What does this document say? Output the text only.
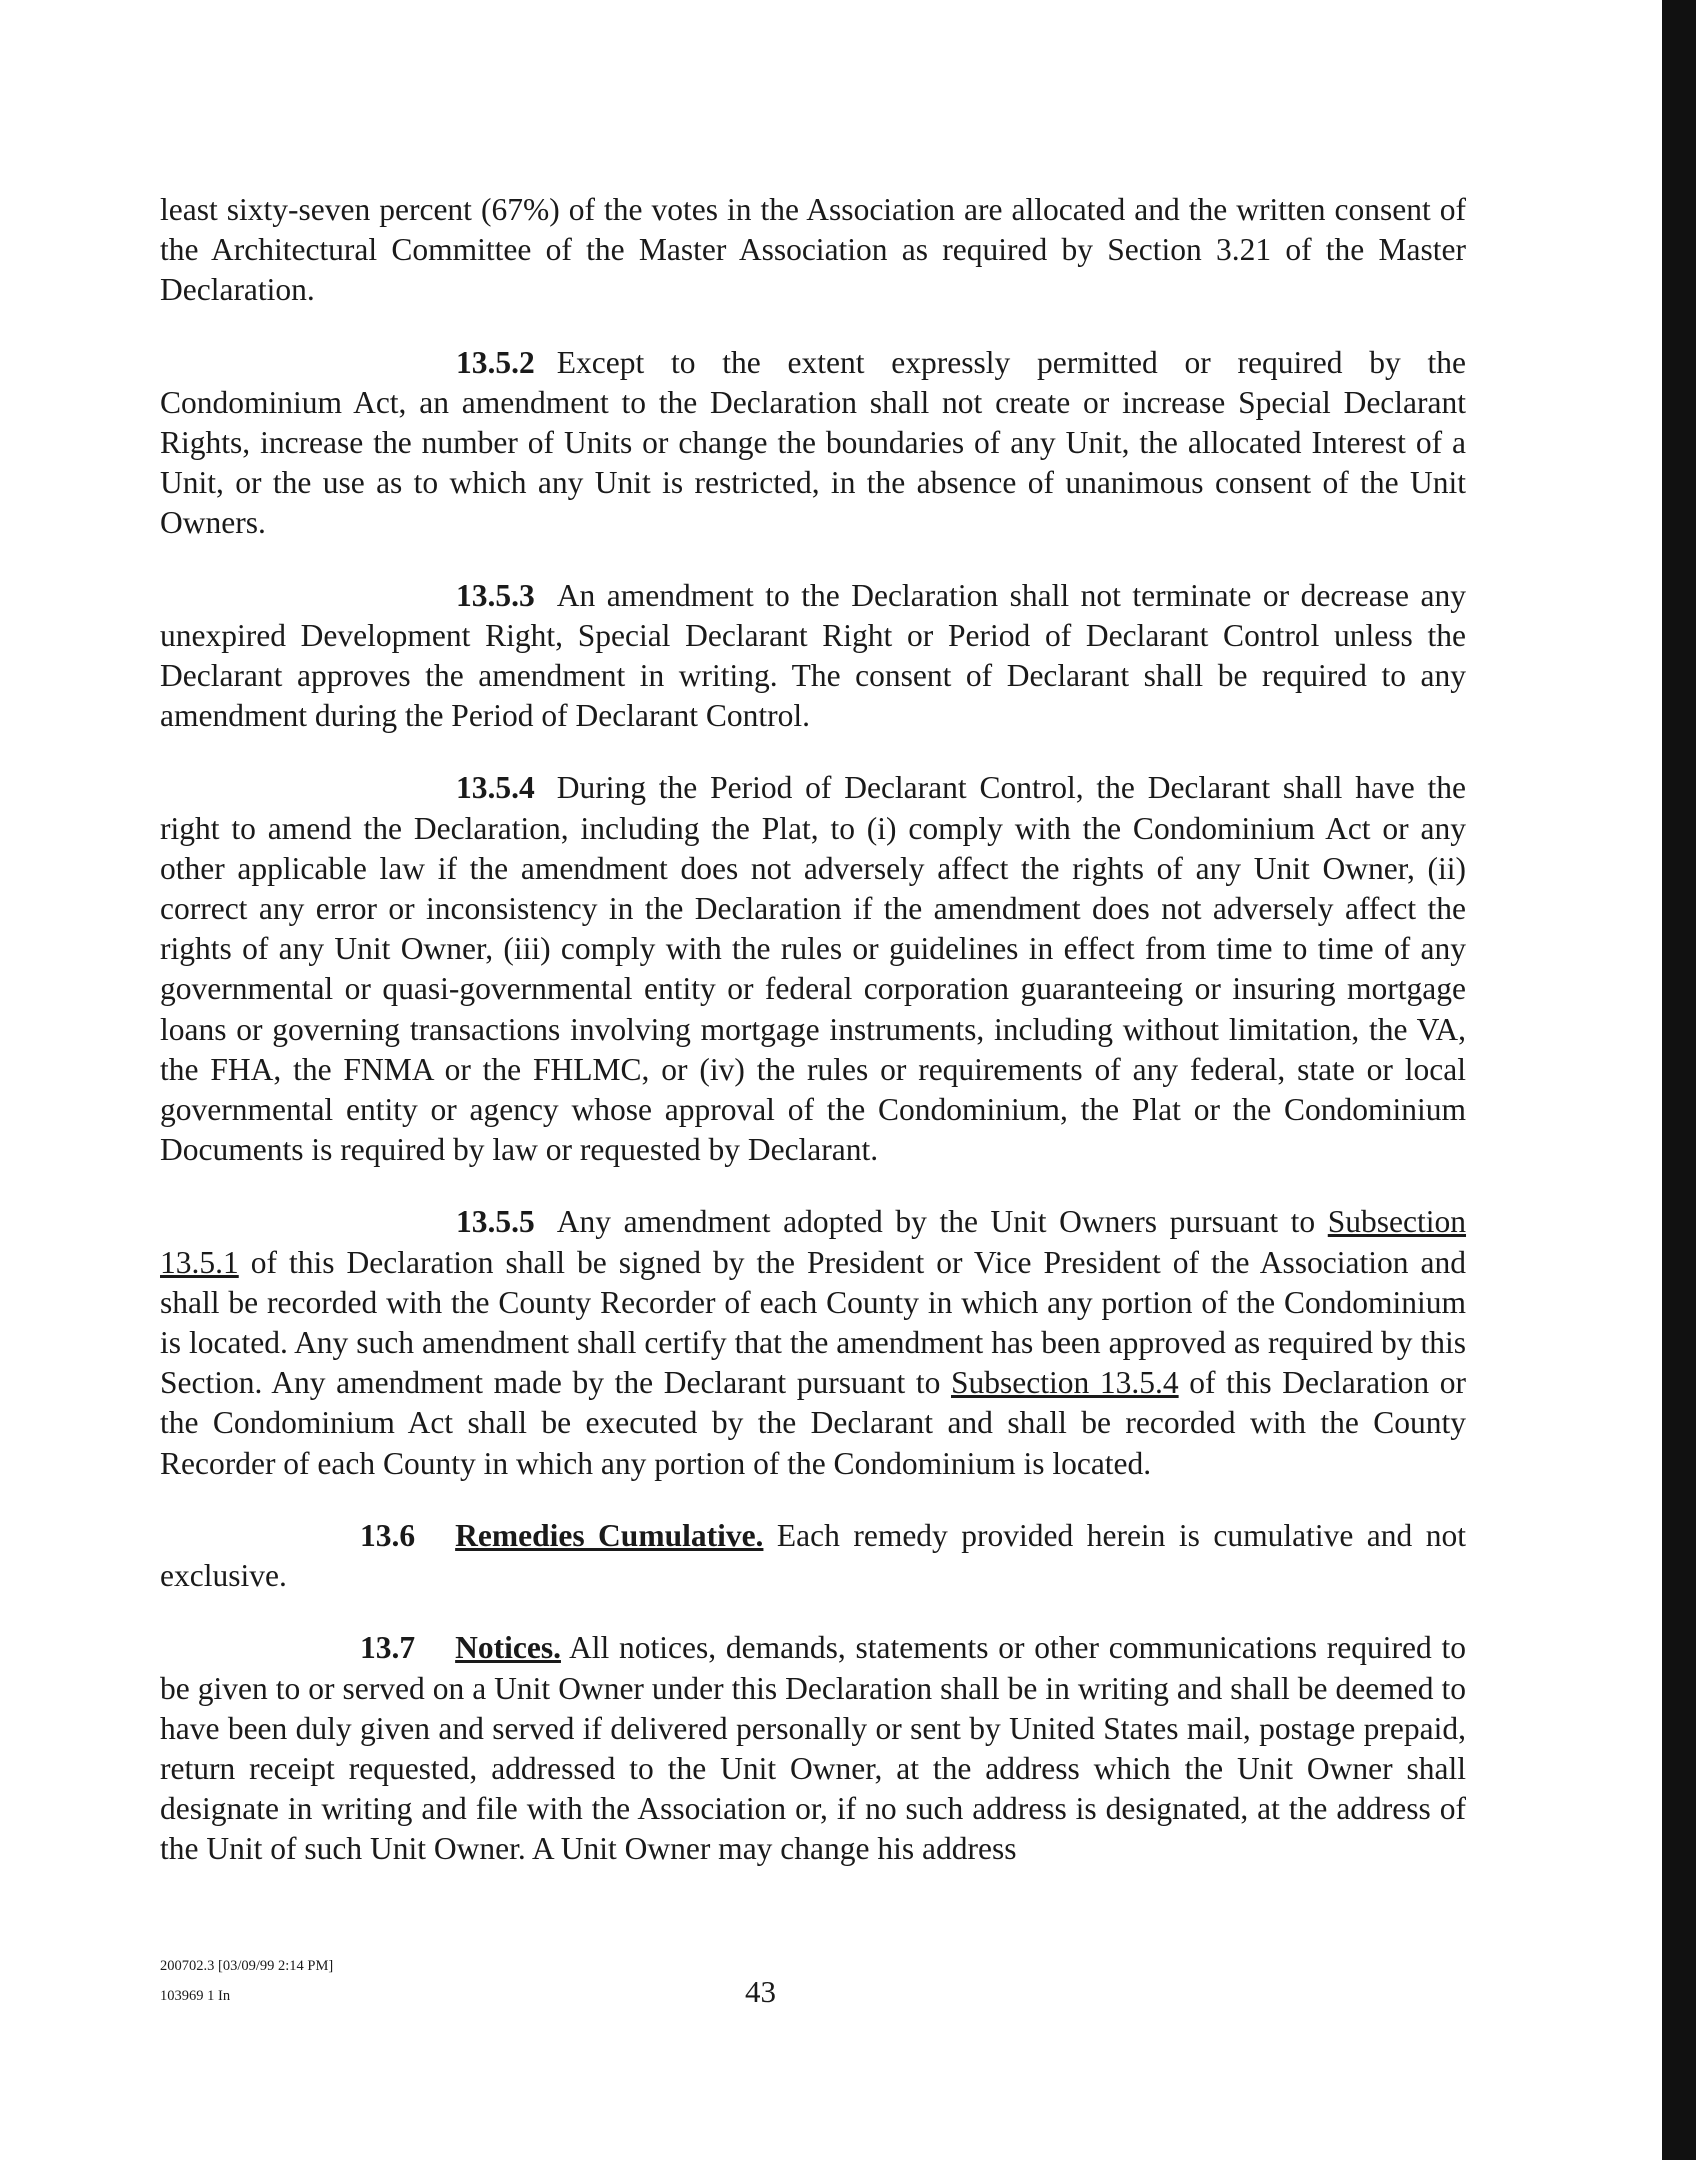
least sixty-seven percent (67%) of the votes in the Association are allocated and the written consent of the Architectural Committee of the Master Association as required by Section 3.21 of the Master Declaration.

13.5.2 Except to the extent expressly permitted or required by the Condominium Act, an amendment to the Declaration shall not create or increase Special Declarant Rights, increase the number of Units or change the boundaries of any Unit, the allocated Interest of a Unit, or the use as to which any Unit is restricted, in the absence of unanimous consent of the Unit Owners.

13.5.3 An amendment to the Declaration shall not terminate or decrease any unexpired Development Right, Special Declarant Right or Period of Declarant Control unless the Declarant approves the amendment in writing. The consent of Declarant shall be required to any amendment during the Period of Declarant Control.

13.5.4 During the Period of Declarant Control, the Declarant shall have the right to amend the Declaration, including the Plat, to (i) comply with the Condominium Act or any other applicable law if the amendment does not adversely affect the rights of any Unit Owner, (ii) correct any error or inconsistency in the Declaration if the amendment does not adversely affect the rights of any Unit Owner, (iii) comply with the rules or guidelines in effect from time to time of any governmental or quasi-governmental entity or federal corporation guaranteeing or insuring mortgage loans or governing transactions involving mortgage instruments, including without limitation, the VA, the FHA, the FNMA or the FHLMC, or (iv) the rules or requirements of any federal, state or local governmental entity or agency whose approval of the Condominium, the Plat or the Condominium Documents is required by law or requested by Declarant.

13.5.5 Any amendment adopted by the Unit Owners pursuant to Subsection 13.5.1 of this Declaration shall be signed by the President or Vice President of the Association and shall be recorded with the County Recorder of each County in which any portion of the Condominium is located. Any such amendment shall certify that the amendment has been approved as required by this Section. Any amendment made by the Declarant pursuant to Subsection 13.5.4 of this Declaration or the Condominium Act shall be executed by the Declarant and shall be recorded with the County Recorder of each County in which any portion of the Condominium is located.

13.6 Remedies Cumulative. Each remedy provided herein is cumulative and not exclusive.

13.7 Notices. All notices, demands, statements or other communications required to be given to or served on a Unit Owner under this Declaration shall be in writing and shall be deemed to have been duly given and served if delivered personally or sent by United States mail, postage prepaid, return receipt requested, addressed to the Unit Owner, at the address which the Unit Owner shall designate in writing and file with the Association or, if no such address is designated, at the address of the Unit of such Unit Owner. A Unit Owner may change his address

200702.3 [03/09/99 2:14 PM]
103969 1 In	43
